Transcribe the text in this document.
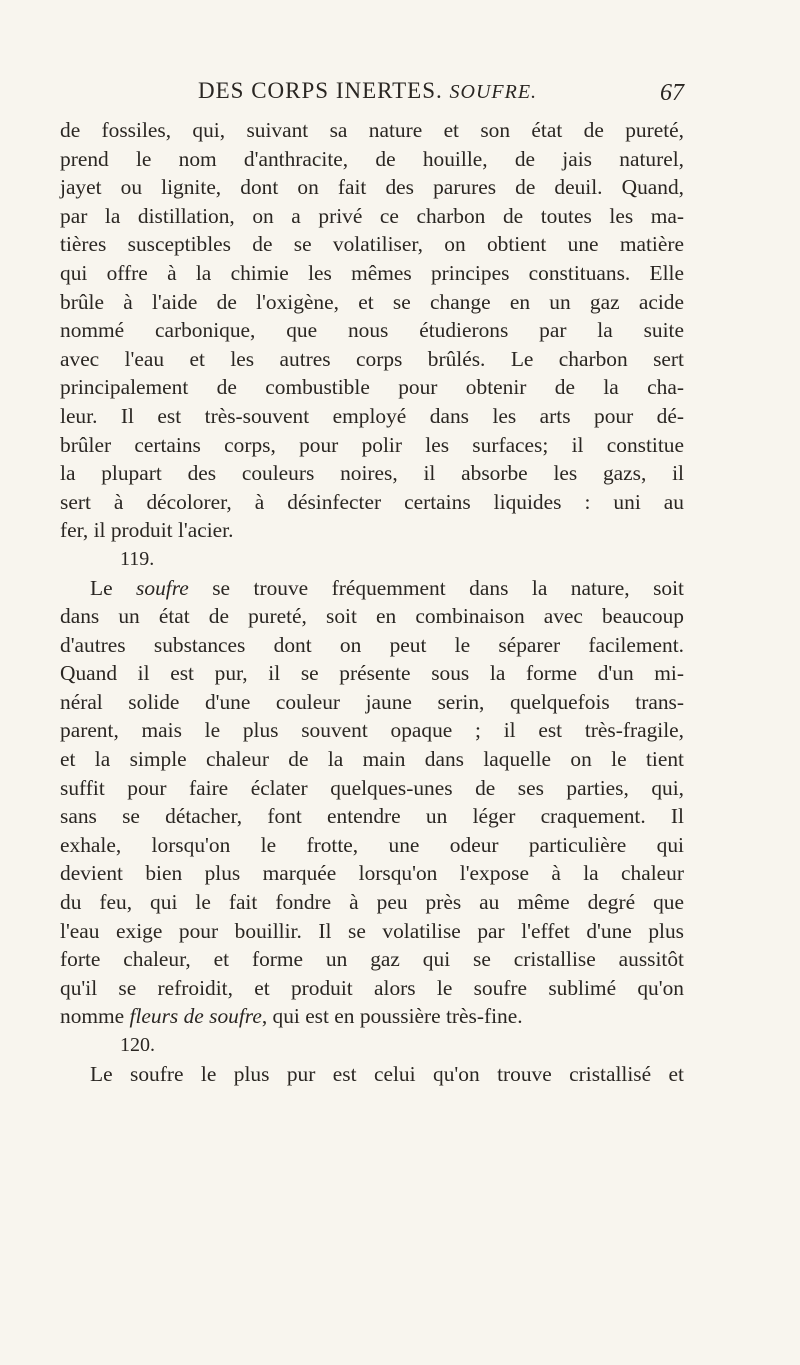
DES CORPS INERTES. SOUFRE.	67
de fossiles, qui, suivant sa nature et son état de pureté,
prend le nom d'anthracite, de houille, de jais naturel,
jayet ou lignite, dont on fait des parures de deuil. Quand,
par la distillation, on a privé ce charbon de toutes les ma-
tières susceptibles de se volatiliser, on obtient une matière
qui offre à la chimie les mêmes principes constituans. Elle
brûle à l'aide de l'oxigène, et se change en un gaz acide
nommé carbonique, que nous étudierons par la suite
avec l'eau et les autres corps brûlés. Le charbon sert
principalement de combustible pour obtenir de la cha-
leur. Il est très-souvent employé dans les arts pour dé-
brûler certains corps, pour polir les surfaces; il constitue
la plupart des couleurs noires, il absorbe les gazs, il
sert à décolorer, à désinfecter certains liquides : uni au
fer, il produit l'acier.
119.
Le soufre se trouve fréquemment dans la nature, soit
dans un état de pureté, soit en combinaison avec beaucoup
d'autres substances dont on peut le séparer facilement.
Quand il est pur, il se présente sous la forme d'un mi-
néral solide d'une couleur jaune serin, quelquefois trans-
parent, mais le plus souvent opaque ; il est très-fragile,
et la simple chaleur de la main dans laquelle on le tient
suffit pour faire éclater quelques-unes de ses parties, qui,
sans se détacher, font entendre un léger craquement. Il
exhale, lorsqu'on le frotte, une odeur particulière qui
devient bien plus marquée lorsqu'on l'expose à la chaleur
du feu, qui le fait fondre à peu près au même degré que
l'eau exige pour bouillir. Il se volatilise par l'effet d'une plus
forte chaleur, et forme un gaz qui se cristallise aussitôt
qu'il se refroidit, et produit alors le soufre sublimé qu'on
nomme fleurs de soufre, qui est en poussière très-fine.
120.
Le soufre le plus pur est celui qu'on trouve cristallisé et
